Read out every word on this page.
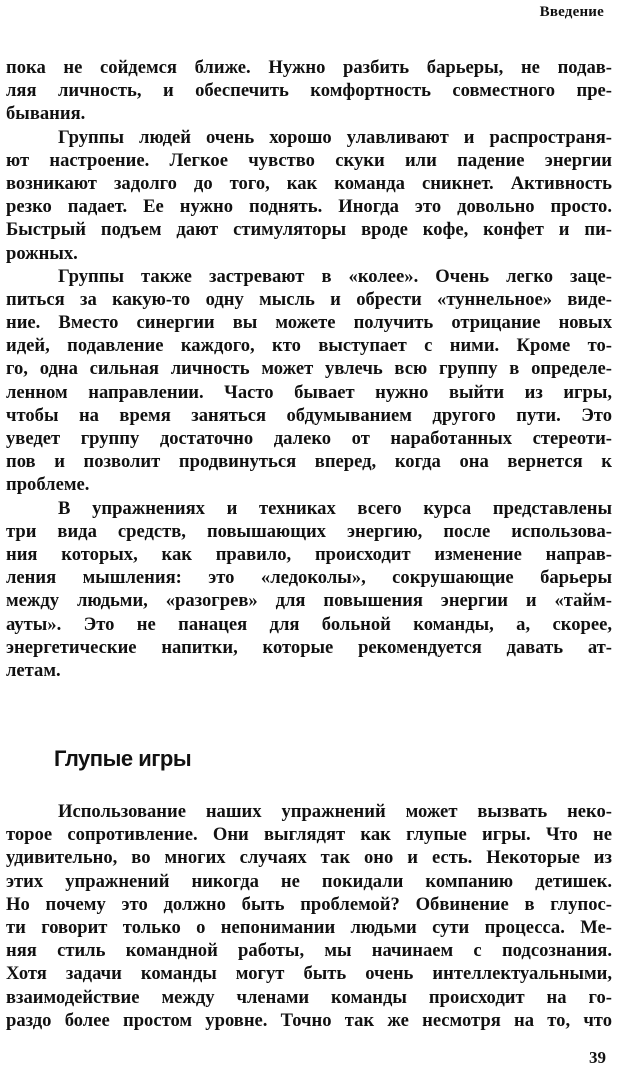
Введение
пока не сойдемся ближе. Нужно разбить барьеры, не подав-
ляя личность, и обеспечить комфортность совместного пре-
бывания.
Группы людей очень хорошо улавливают и распространя-
ют настроение. Легкое чувство скуки или падение энергии
возникают задолго до того, как команда сникнет. Активность
резко падает. Ее нужно поднять. Иногда это довольно просто.
Быстрый подъем дают стимуляторы вроде кофе, конфет и пи-
рожных.
Группы также застревают в «колее». Очень легко заце-
питься за какую-то одну мысль и обрести «туннельное» виде-
ние. Вместо синергии вы можете получить отрицание новых
идей, подавление каждого, кто выступает с ними. Кроме то-
го, одна сильная личность может увлечь всю группу в определе-
ленном направлении. Часто бывает нужно выйти из игры,
чтобы на время заняться обдумыванием другого пути. Это
уведет группу достаточно далеко от наработанных стереоти-
пов и позволит продвинуться вперед, когда она вернется к
проблеме.
В упражнениях и техниках всего курса представлены
три вида средств, повышающих энергию, после использова-
ния которых, как правило, происходит изменение направ-
ления мышления: это «ледоколы», сокрушающие барьеры
между людьми, «разогрев» для повышения энергии и «тайм-
ауты». Это не панацея для больной команды, а, скорее,
энергетические напитки, которые рекомендуется давать ат-
летам.
Глупые игры
Использование наших упражнений может вызвать неко-
торое сопротивление. Они выглядят как глупые игры. Что не
удивительно, во многих случаях так оно и есть. Некоторые из
этих упражнений никогда не покидали компанию детишек.
Но почему это должно быть проблемой? Обвинение в глупос-
ти говорит только о непонимании людьми сути процесса. Ме-
няя стиль командной работы, мы начинаем с подсознания.
Хотя задачи команды могут быть очень интеллектуальными,
взаимодействие между членами команды происходит на го-
раздо более простом уровне. Точно так же несмотря на то, что
39
